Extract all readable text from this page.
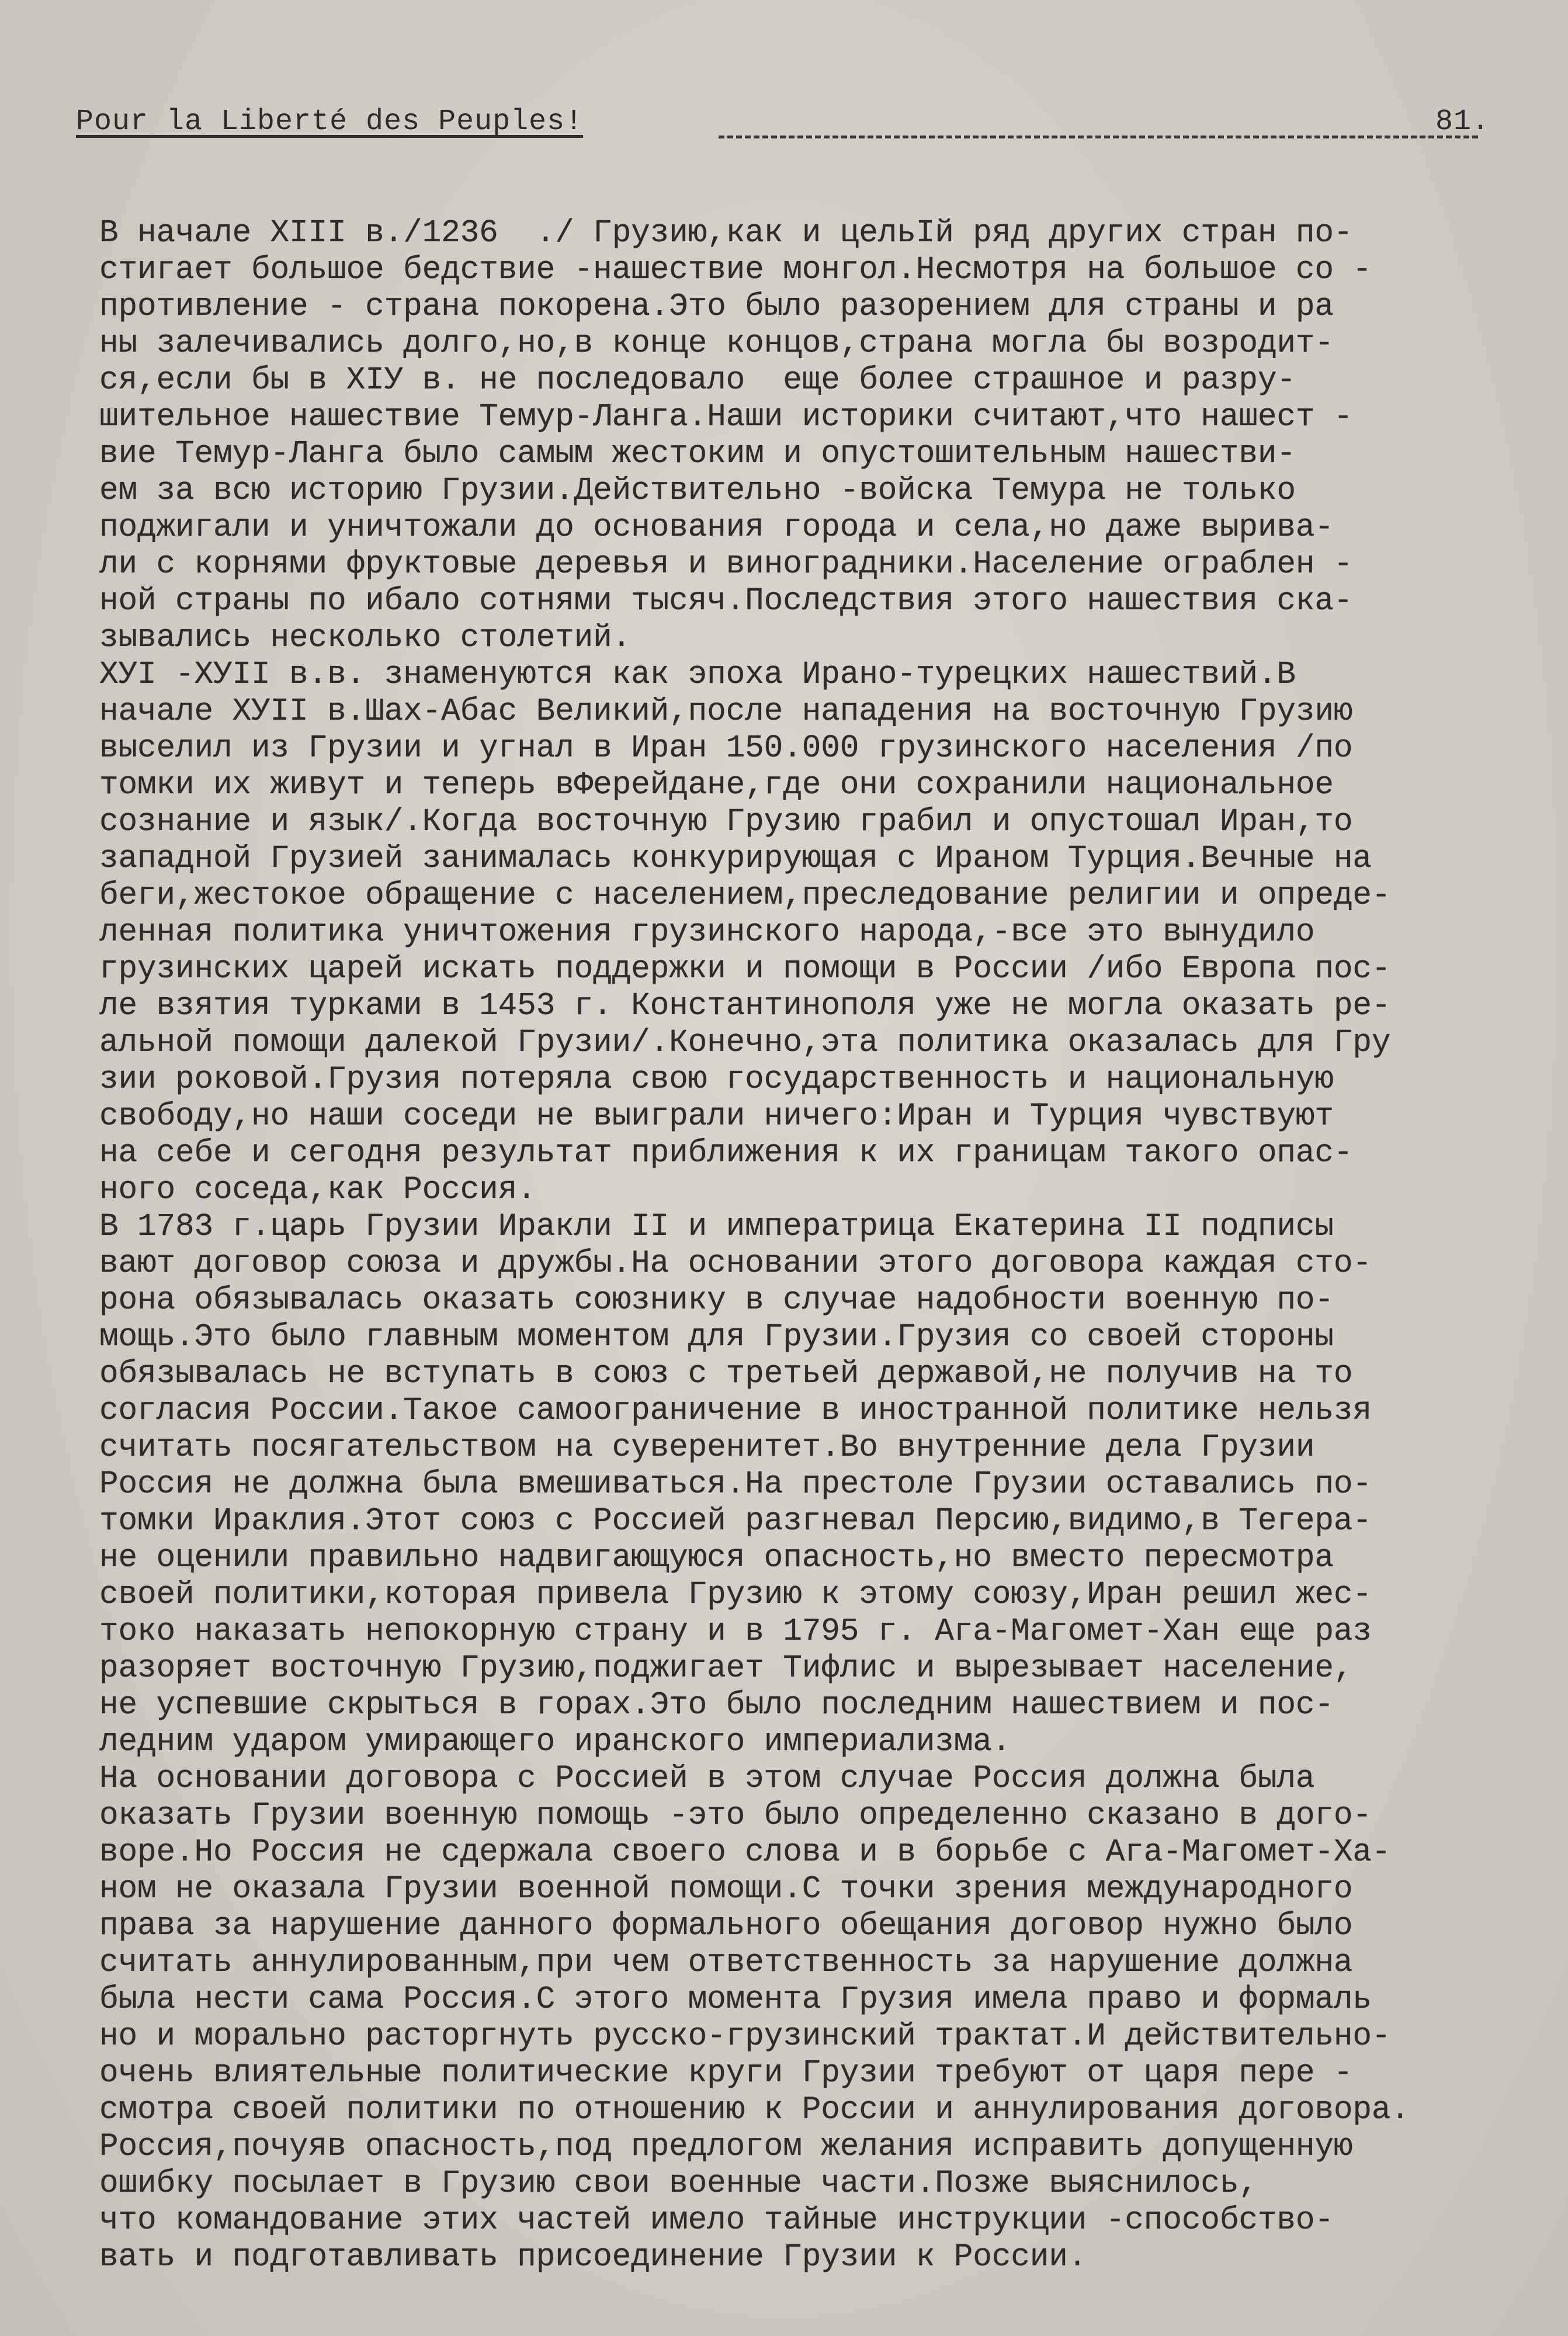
Pour la Liberté des Peuples!	81.
В начале XIII в./1236  ./ Грузию,как и цельIй ряд других стран по-
стигает большое бедствие -нашествие монгол.Несмотря на большое со -
противление - страна покорена.Это было разорением для страны и ра
ны залечивались долго,но,в конце концов,страна могла бы возродит-
ся,если бы в XIУ в. не последовало  еще более страшное и разру-
шительное нашествие Темур-Ланга.Наши историки считают,что нашест -
вие Темур-Ланга было самым жестоким и опустошительным нашестви-
ем за всю историю Грузии.Действительно -войска Темура не только
поджигали и уничтожали до основания города и села,но даже вырива-
ли с корнями фруктовые деревья и виноградники.Население ограблен -
ной страны по ибало сотнями тысяч.Последствия этого нашествия ска-
зывались несколько столетий.
XУI -XУII в.в. знаменуются как эпоха Ирано-турецких нашествий.В
начале XУII в.Шах-Абас Великий,после нападения на восточную Грузию
выселил из Грузии и угнал в Иран 150.000 грузинского населения /по
томки их живут и теперь вФерейдане,где они сохранили национальное
сознание и язык/.Когда восточную Грузию грабил и опустошал Иран,то
западной Грузией занималась конкурирующая с Ираном Турция.Вечные на
беги,жестокое обращение с населением,преследование религии и опреде-
ленная политика уничтожения грузинского народа,-все это вынудило
грузинских царей искать поддержки и помощи в России /ибо Европа пос-
ле взятия турками в 1453 г. Константинополя уже не могла оказать ре-
альной помощи далекой Грузии/.Конечно,эта политика оказалась для Гру
зии роковой.Грузия потеряла свою государственность и национальную
свободу,но наши соседи не выиграли ничего:Иран и Турция чувствуют
на себе и сегодня результат приближения к их границам такого опас-
ного соседа,как Россия.
В 1783 г.царь Грузии Иракли II и императрица Екатерина II подписы
вают договор союза и дружбы.На основании этого договора каждая сто-
рона обязывалась оказать союзнику в случае надобности военную по-
мощь.Это было главным моментом для Грузии.Грузия со своей стороны
обязывалась не вступать в союз с третьей державой,не получив на то
согласия России.Такое самоограничение в иностранной политике нельзя
считать посягательством на суверенитет.Во внутренние дела Грузии
Россия не должна была вмешиваться.На престоле Грузии оставались по-
томки Ираклия.Этот союз с Россией разгневал Персию,видимо,в Тегера-
не оценили правильно надвигающуюся опасность,но вместо пересмотра
своей политики,которая привела Грузию к этому союзу,Иран решил жес-
токо наказать непокорную страну и в 1795 г. Ага-Магомет-Хан еще раз
разоряет восточную Грузию,поджигает Тифлис и вырезывает население,
не успевшие скрыться в горах.Это было последним нашествием и пос-
ледним ударом умирающего иранского империализма.
На основании договора с Россией в этом случае Россия должна была
оказать Грузии военную помощь -это было определенно сказано в дого-
воре.Но Россия не сдержала своего слова и в борьбе с Ага-Магомет-Ха-
ном не оказала Грузии военной помощи.С точки зрения международного
права за нарушение данного формального обещания договор нужно было
считать аннулированным,при чем ответственность за нарушение должна
была нести сама Россия.С этого момента Грузия имела право и формаль
но и морально расторгнуть русско-грузинский трактат.И действительно-
очень влиятельные политические круги Грузии требуют от царя пере -
смотра своей политики по отношению к России и аннулирования договора.
Россия,почуяв опасность,под предлогом желания исправить допущенную
ошибку посылает в Грузию свои военные части.Позже выяснилось,
что командование этих частей имело тайные инструкции -способство-
вать и подготавливать присоединение Грузии к России.
